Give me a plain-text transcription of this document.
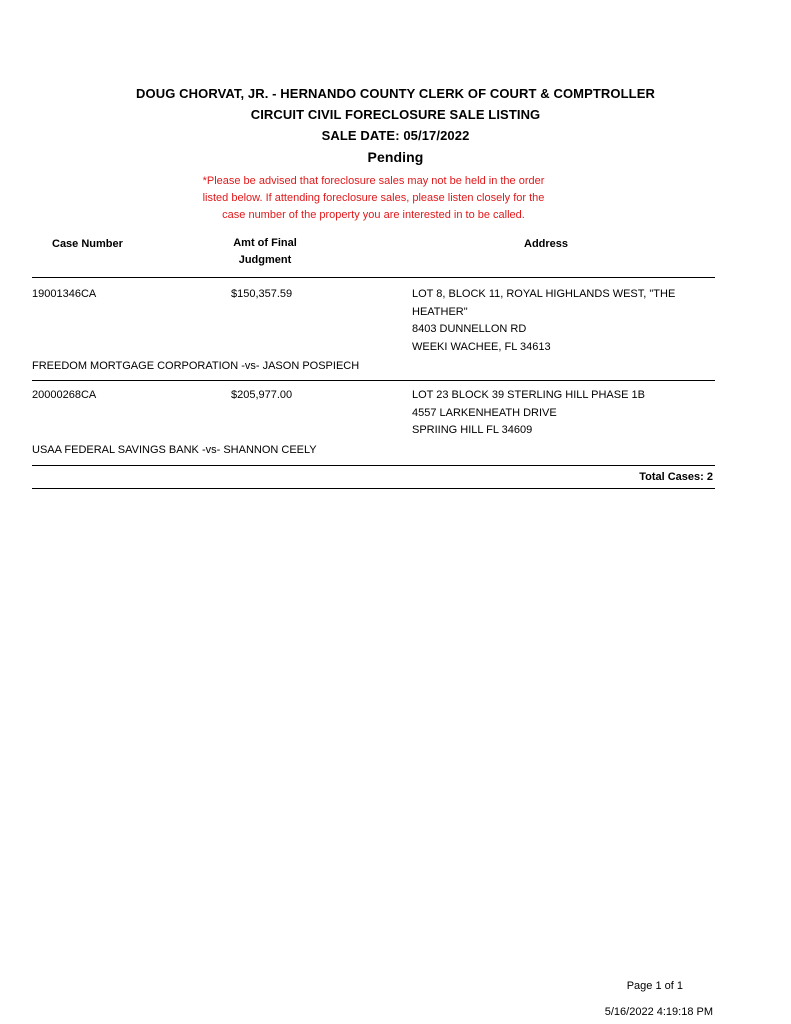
DOUG CHORVAT, JR. - HERNANDO COUNTY CLERK OF COURT & COMPTROLLER
CIRCUIT CIVIL FORECLOSURE SALE LISTING
SALE DATE: 05/17/2022
Pending
*Please be advised that foreclosure sales may not be held in the order
listed below. If attending foreclosure sales, please listen closely for the
case number of the property you are interested in to be called.
Case Number	Amt of Final
Judgment
Address
19001346CA	$150,357.59	LOT 8, BLOCK 11, ROYAL HIGHLANDS WEST, "THE
HEATHER"
8403 DUNNELLON RD
WEEKI WACHEE, FL 34613
FREEDOM MORTGAGE CORPORATION -vs- JASON POSPIECH
20000268CA	$205,977.00	LOT 23 BLOCK 39 STERLING HILL PHASE 1B
4557 LARKENHEATH DRIVE
SPRIING HILL FL 34609
USAA FEDERAL SAVINGS BANK -vs- SHANNON CEELY
Total Cases: 2
Page 1 of 1
5/16/2022 4:19:18 PM
